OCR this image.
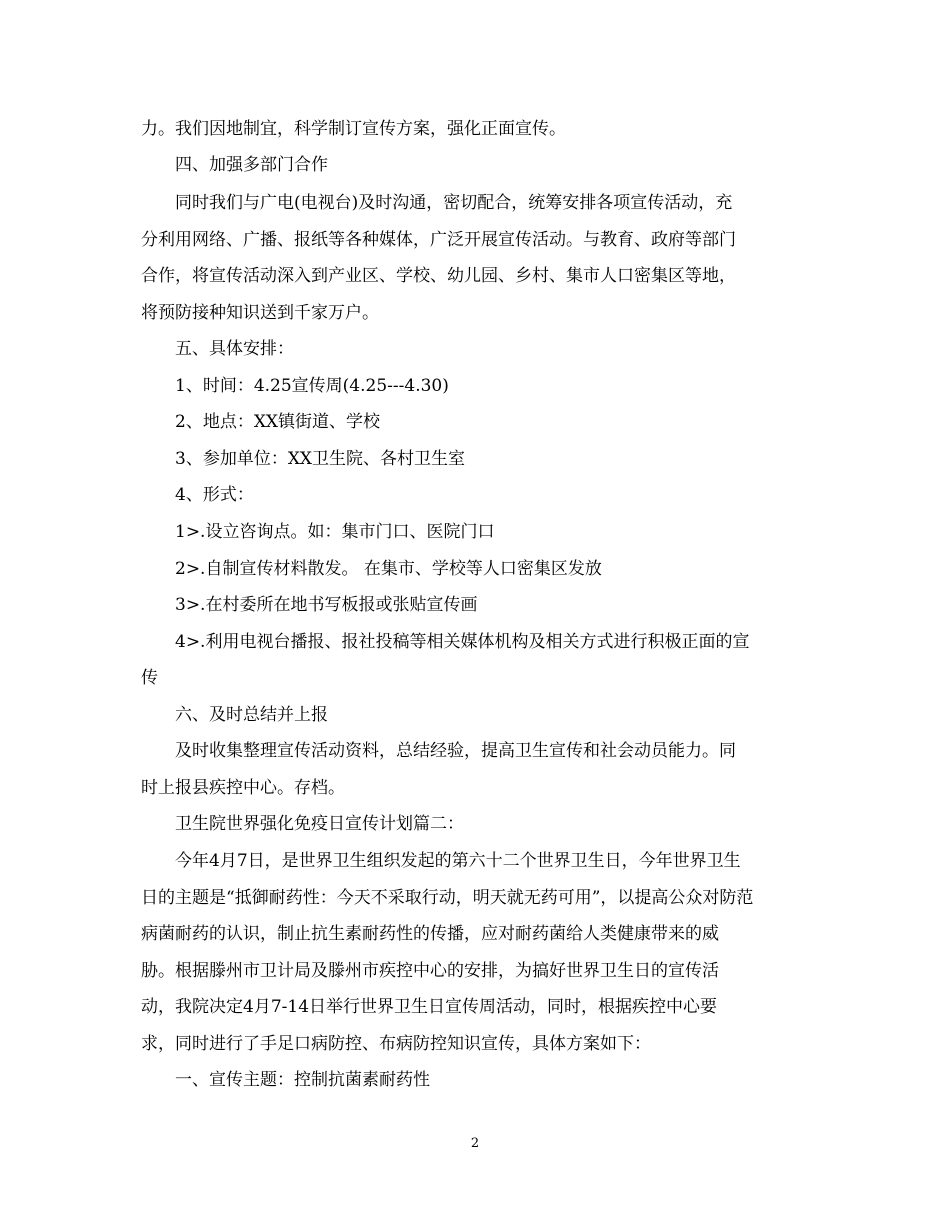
力。我们因地制宜，科学制订宣传方案，强化正面宣传。
四、加强多部门合作
同时我们与广电(电视台)及时沟通，密切配合，统筹安排各项宣传活动，充
分利用网络、广播、报纸等各种媒体，广泛开展宣传活动。与教育、政府等部门
合作，将宣传活动深入到产业区、学校、幼儿园、乡村、集市人口密集区等地，
将预防接种知识送到千家万户。
五、具体安排：
1、时间：4.25宣传周(4.25---4.30)
2、地点：XX镇街道、学校
3、参加单位：XX卫生院、各村卫生室
4、形式：
1>.设立咨询点。如：集市门口、医院门口
2>.自制宣传材料散发。 在集市、学校等人口密集区发放
3>.在村委所在地书写板报或张贴宣传画
4>.利用电视台播报、报社投稿等相关媒体机构及相关方式进行积极正面的宣
传
六、及时总结并上报
及时收集整理宣传活动资料，总结经验，提高卫生宣传和社会动员能力。同
时上报县疾控中心。存档。
卫生院世界强化免疫日宣传计划篇二：
今年4月7日，是世界卫生组织发起的第六十二个世界卫生日，今年世界卫生
日的主题是“抵御耐药性：今天不采取行动，明天就无药可用”，以提高公众对防范
病菌耐药的认识，制止抗生素耐药性的传播，应对耐药菌给人类健康带来的威
胁。根据滕州市卫计局及滕州市疾控中心的安排，为搞好世界卫生日的宣传活
动，我院决定4月7-14日举行世界卫生日宣传周活动，同时，根据疾控中心要
求，同时进行了手足口病防控、布病防控知识宣传，具体方案如下：
一、宣传主题：控制抗菌素耐药性
2
